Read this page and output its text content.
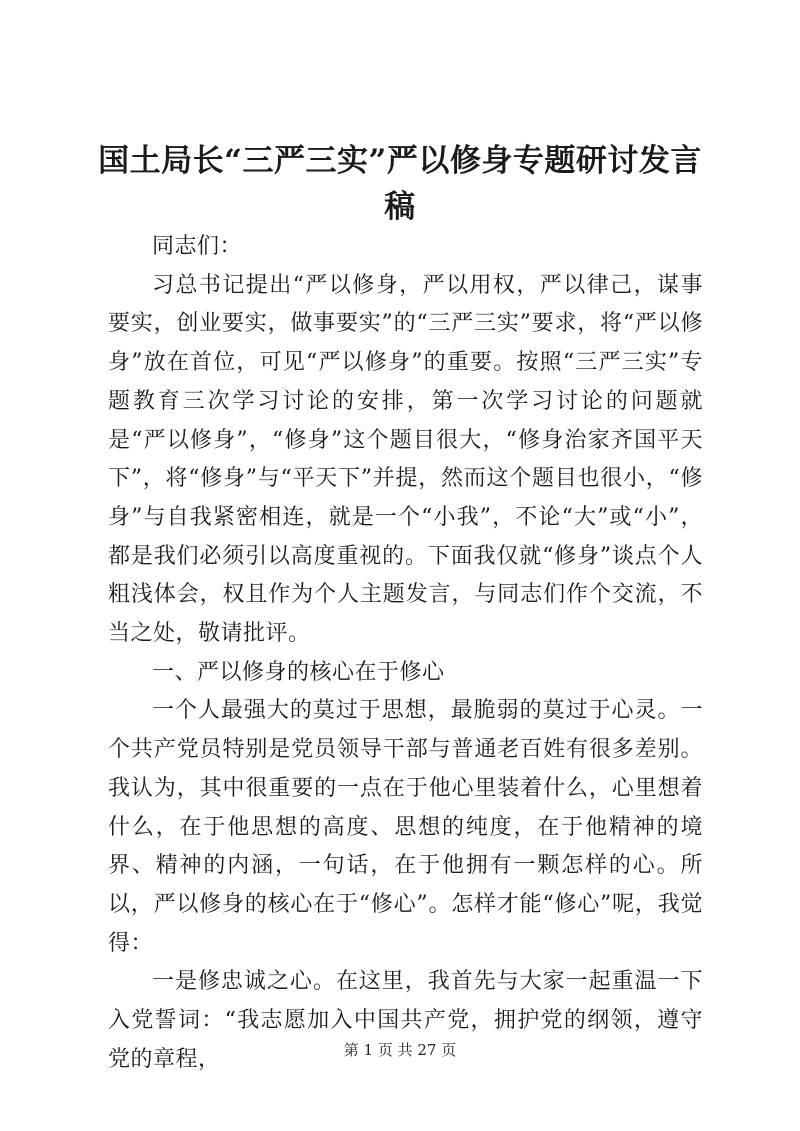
国土局长“三严三实”严以修身专题研讨发言稿

同志们：

习总书记提出“严以修身，严以用权，严以律己，谋事要实，创业要实，做事要实”的“三严三实”要求，将“严以修身”放在首位，可见“严以修身”的重要。按照“三严三实”专题教育三次学习讨论的安排，第一次学习讨论的问题就是“严以修身”，“修身”这个题目很大，“修身治家齐国平天下”，将“修身”与“平天下”并提，然而这个题目也很小，“修身”与自我紧密相连，就是一个“小我”，不论“大”或“小”，都是我们必须引以高度重视的。下面我仅就“修身”谈点个人粗浅体会，权且作为个人主题发言，与同志们作个交流，不当之处，敬请批评。

一、严以修身的核心在于修心

一个人最强大的莫过于思想，最脆弱的莫过于心灵。一个共产党员特别是党员领导干部与普通老百姓有很多差别。我认为，其中很重要的一点在于他心里装着什么，心里想着什么，在于他思想的高度、思想的纯度，在于他精神的境界、精神的内涵，一句话，在于他拥有一颗怎样的心。所以，严以修身的核心在于“修心”。怎样才能“修心”呢，我觉得：

一是修忠诚之心。在这里，我首先与大家一起重温一下入党誓词：“我志愿加入中国共产党，拥护党的纲领，遵守党的章程，	第 1 页 共 27 页
